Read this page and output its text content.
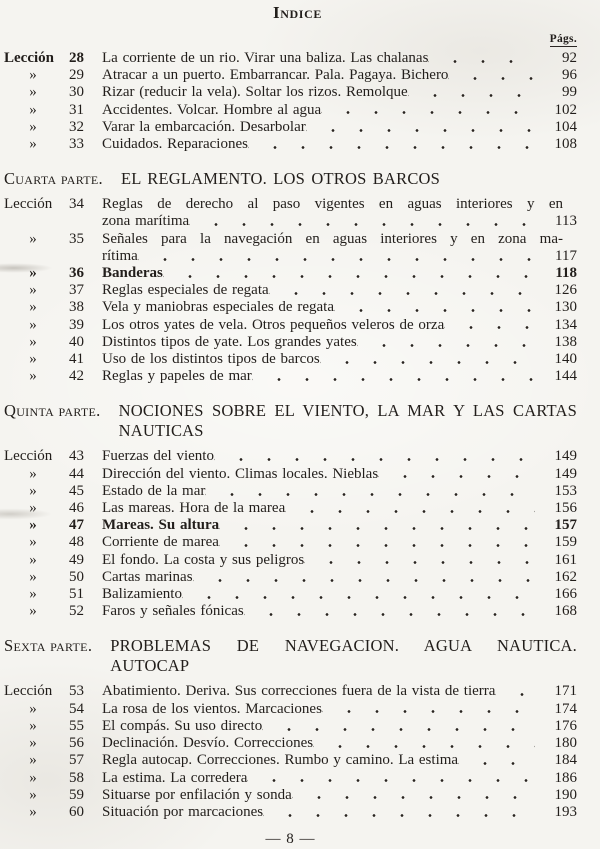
Indice
Págs.
Lección	28 La corriente de un rio. Virar una baliza. Las chalanas	92
»	29 Atracar a un puerto. Embarrancar. Pala. Pagaya. Bichero	96
»	30 Rizar (reducir la vela). Soltar los rizos. Remolque	99
»	31 Accidentes. Volcar. Hombre al agua	102
»	32 Varar la embarcación. Desarbolar	104
»	33 Cuidados. Reparaciones	108
Cuarta parte. EL REGLAMENTO. LOS OTROS BARCOS
Lección	34 Reglas de derecho al paso vigentes en aguas interiores y en
zona marítima	113
»	35 Señales para la navegación en aguas interiores y en zona ma-
rítima	117
»	36 Banderas	118
»	37 Reglas especiales de regata	126
»	38 Vela y maniobras especiales de regata	130
»	39 Los otros yates de vela. Otros pequeños veleros de orza	134
»	40 Distintos tipos de yate. Los grandes yates	138
»	41 Uso de los distintos tipos de barcos	140
»	42 Reglas y papeles de mar	144
Quinta parte. NOCIONES SOBRE EL VIENTO, LA MAR Y LAS CARTAS
NAUTICAS
Lección	43 Fuerzas del viento	149
»	44 Dirección del viento. Climas locales. Nieblas	149
»	45 Estado de la mar	153
»	46 Las mareas. Hora de la marea	156
»	47 Mareas. Su altura	157
»	48 Corriente de marea	159
»	49 El fondo. La costa y sus peligros	161
»	50 Cartas marinas	162
»	51 Balizamiento	166
»	52 Faros y señales fónicas	168
Sexta parte. PROBLEMAS DE NAVEGACION. AGUA NAUTICA.
AUTOCAP
Lección	53 Abatimiento. Deriva. Sus correcciones fuera de la vista de tierra	171
»	54 La rosa de los vientos. Marcaciones	174
»	55 El compás. Su uso directo	176
»	56 Declinación. Desvío. Correcciones	180
»	57 Regla autocap. Correcciones. Rumbo y camino. La estima	184
»	58 La estima. La corredera	186
»	59 Situarse por enfilación y sonda	190
»	60 Situación por marcaciones	193
— 8 —
